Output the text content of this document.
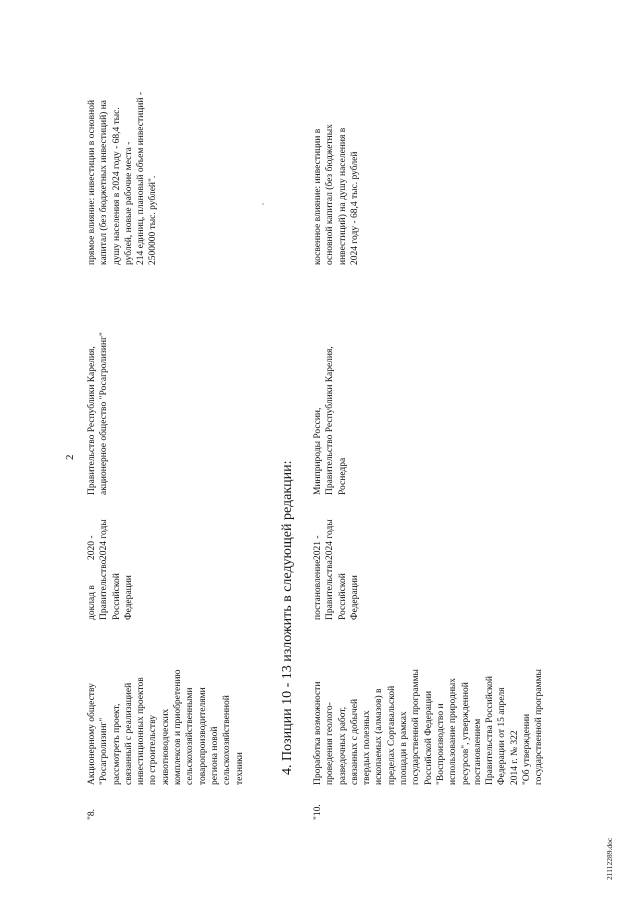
2

"8.

Акционерному обществу
"Росагролизинг"
рассмотреть проект,
связанный с реализацией
инвестиционных проектов
по строительству
животноводческих
комплексов и приобретению
сельскохозяйственными
товаропроизводителями
региона новой
сельскохозяйственной
техники

доклад в
Правительство
Российской
Федерации

2020 -
2024 годы

Правительство Республики Карелия,
акционерное общество "Росагролизинг"

прямое влияние: инвестиции в основной
капитал (без бюджетных инвестиций) на
душу населения в 2024 году - 68,4 тыс.
рублей, новые рабочие места -
214 единиц, плановый объем инвестиций -
2500000 тыс. рублей".

4. Позиции 10 - 13 изложить в следующей редакции:

"10.

Проработка возможности
проведения геолого-
разведочных работ,
связанных с добычей
твердых полезных
ископаемых (алмазов) в
пределах Сортавальской
площади в рамках
государственной программы
Российской Федерации
"Воспроизводство и
использование природных
ресурсов", утвержденной
постановлением
Правительства Российской
Федерации от 15 апреля
2014 г. № 322
"Об утверждении
государственной программы

постановление
Правительства
Российской
Федерации

2021 -
2024 годы

Минприроды России,
Правительство Республики Карелия,
Роснедра

косвенное влияние: инвестиции в
основной капитал (без бюджетных
инвестиций) на душу населения в
2024 году - 68,4 тыс. рублей

21112289.doc
